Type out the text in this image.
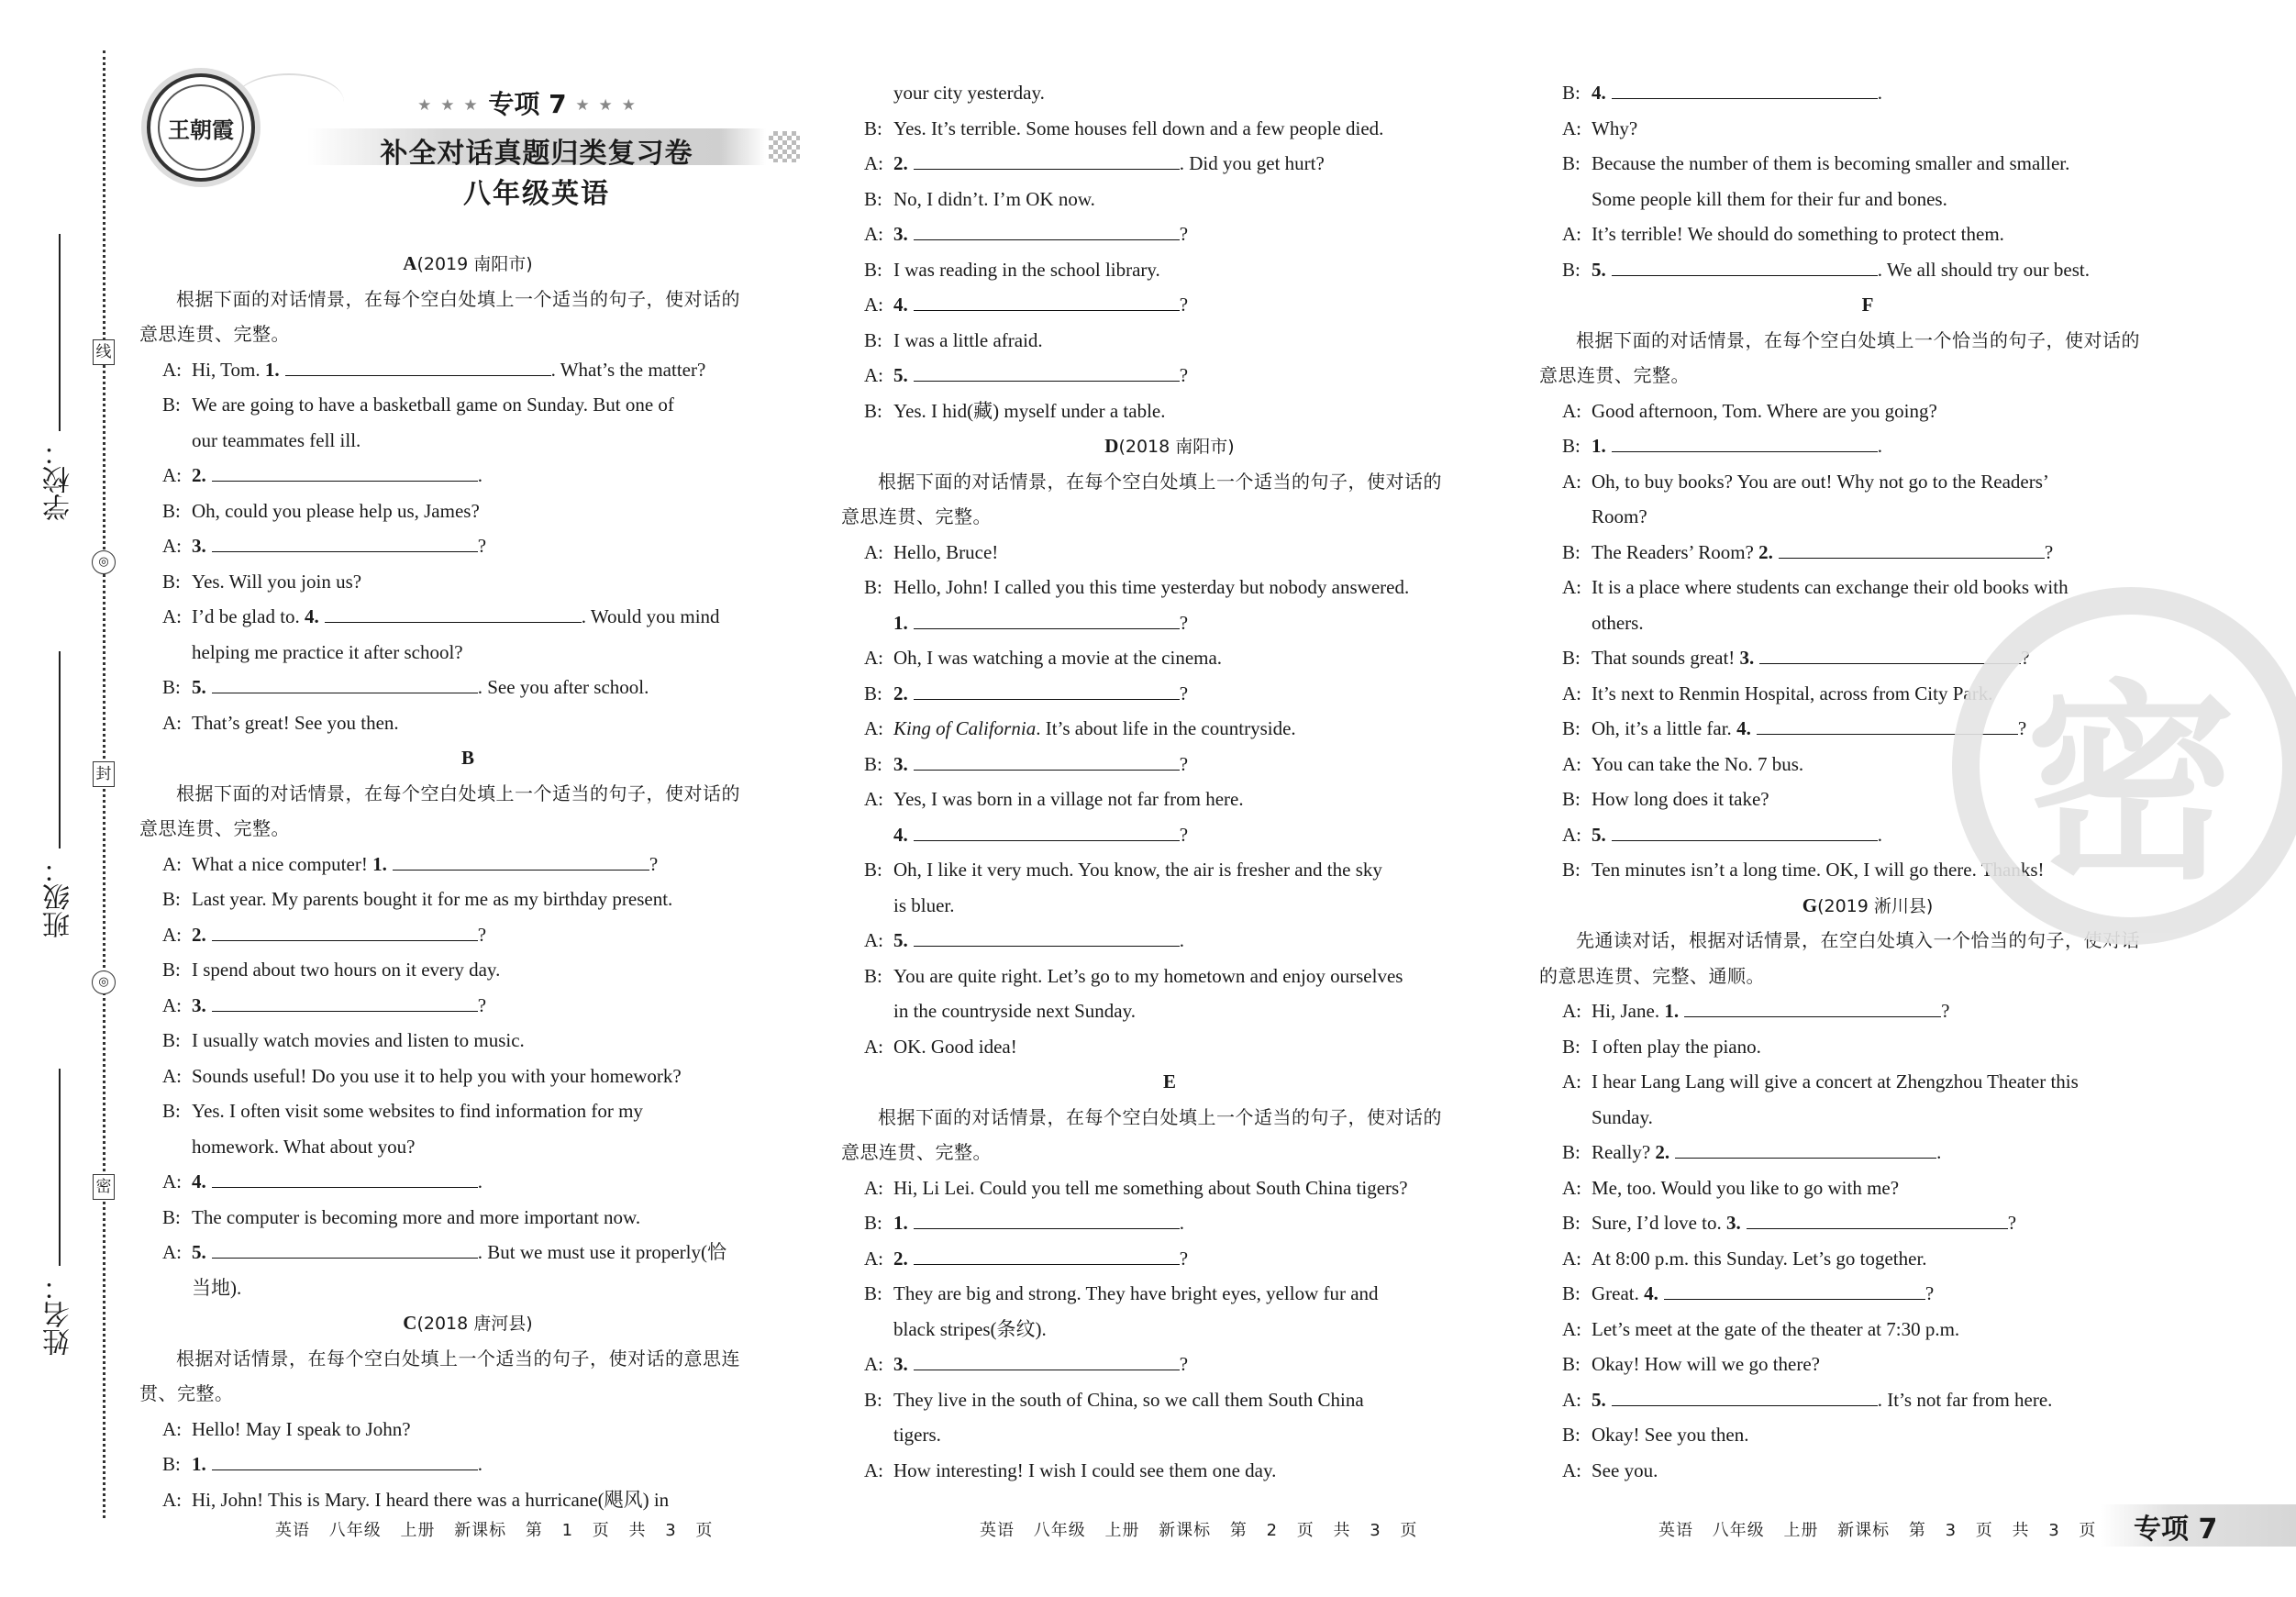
线
封
密
◎
◎
学校：
班级：
姓名：
王朝霞
★ ★ ★ 专项 7 ★ ★ ★
补全对话真题归类复习卷
八年级英语
A(2019 南阳市)
根据下面的对话情景，在每个空白处填上一个适当的句子，使对话的
意思连贯、完整。
A: Hi, Tom. 1.	. What’s the matter?
B: We are going to have a basketball game on Sunday. But one of
our teammates fell ill.
A: 2.	.
B: Oh, could you please help us, James?
A: 3.	?
B: Yes. Will you join us?
A: I’d be glad to. 4.	. Would you mind
helping me practice it after school?
B: 5.	. See you after school.
A: That’s great! See you then.
B
根据下面的对话情景，在每个空白处填上一个适当的句子，使对话的
意思连贯、完整。
A: What a nice computer! 1.	?
B: Last year. My parents bought it for me as my birthday present.
A: 2.	?
B: I spend about two hours on it every day.
A: 3.	?
B: I usually watch movies and listen to music.
A: Sounds useful! Do you use it to help you with your homework?
B: Yes. I often visit some websites to find information for my
homework. What about you?
A: 4.	.
B: The computer is becoming more and more important now.
A: 5.	. But we must use it properly(恰
当地).
C(2018 唐河县)
根据对话情景，在每个空白处填上一个适当的句子，使对话的意思连
贯、完整。
A: Hello! May I speak to John?
B: 1.	.
A: Hi, John! This is Mary. I heard there was a hurricane(飓风) in
your city yesterday.
B: Yes. It’s terrible. Some houses fell down and a few people died.
A: 2.	. Did you get hurt?
B: No, I didn’t. I’m OK now.
A: 3.	?
B: I was reading in the school library.
A: 4.	?
B: I was a little afraid.
A: 5.	?
B: Yes. I hid(藏) myself under a table.
D(2018 南阳市)
根据下面的对话情景，在每个空白处填上一个适当的句子，使对话的
意思连贯、完整。
A: Hello, Bruce!
B: Hello, John! I called you this time yesterday but nobody answered.
1.	?
A: Oh, I was watching a movie at the cinema.
B: 2.	?
A: King of California. It’s about life in the countryside.
B: 3.	?
A: Yes, I was born in a village not far from here.
4.	?
B: Oh, I like it very much. You know, the air is fresher and the sky
is bluer.
A: 5.	.
B: You are quite right. Let’s go to my hometown and enjoy ourselves
in the countryside next Sunday.
A: OK. Good idea!
E
根据下面的对话情景，在每个空白处填上一个适当的句子，使对话的
意思连贯、完整。
A: Hi, Li Lei. Could you tell me something about South China tigers?
B: 1.	.
A: 2.	?
B: They are big and strong. They have bright eyes, yellow fur and
black stripes(条纹).
A: 3.	?
B: They live in the south of China, so we call them South China
tigers.
A: How interesting! I wish I could see them one day.
B: 4.	.
A: Why?
B: Because the number of them is becoming smaller and smaller.
Some people kill them for their fur and bones.
A: It’s terrible! We should do something to protect them.
B: 5.	. We all should try our best.
F
根据下面的对话情景，在每个空白处填上一个恰当的句子，使对话的
意思连贯、完整。
A: Good afternoon, Tom. Where are you going?
B: 1.	.
A: Oh, to buy books? You are out! Why not go to the Readers’
Room?
B: The Readers’ Room? 2.	?
A: It is a place where students can exchange their old books with
others.
B: That sounds great! 3.	?
A: It’s next to Renmin Hospital, across from City Park.
B: Oh, it’s a little far. 4.	?
A: You can take the No. 7 bus.
B: How long does it take?
A: 5.	.
B: Ten minutes isn’t a long time. OK, I will go there. Thanks!
G(2019 淅川县)
先通读对话，根据对话情景，在空白处填入一个恰当的句子，使对话
的意思连贯、完整、通顺。
A: Hi, Jane. 1.	?
B: I often play the piano.
A: I hear Lang Lang will give a concert at Zhengzhou Theater this
Sunday.
B: Really? 2.	.
A: Me, too. Would you like to go with me?
B: Sure, I’d love to. 3.	?
A: At 8:00 p.m. this Sunday. Let’s go together.
B: Great. 4.	?
A: Let’s meet at the gate of the theater at 7:30 p.m.
B: Okay! How will we go there?
A: 5.	. It’s not far from here.
B: Okay! See you then.
A: See you.
密
英语 八年级 上册 新课标 第 1 页 共 3 页	英语 八年级 上册 新课标 第 2 页 共 3 页	英语 八年级 上册 新课标 第 3 页 共 3 页 专项 7
